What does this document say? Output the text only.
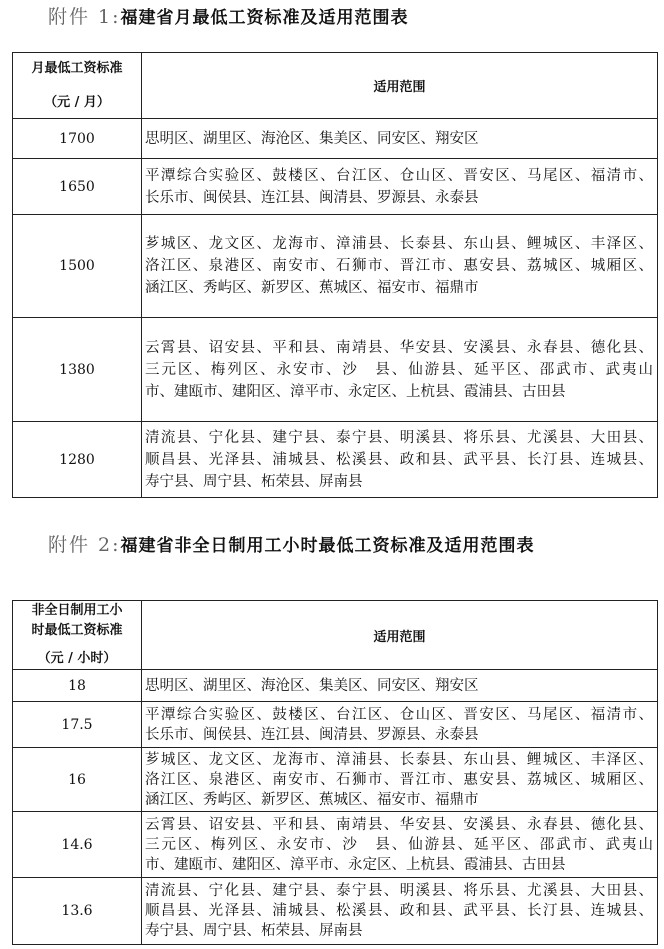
附件 1:福建省月最低工资标准及适用范围表
月最低工资标准
（元 / 月）	适用范围
1700	思明区、湖里区、海沧区、集美区、同安区、翔安区

1650	平潭综合实验区、鼓楼区、台江区、仓山区、晋安区、马尾区、福清市、
长乐市、闽侯县、连江县、闽清县、罗源县、永泰县

1500	芗城区、龙文区、龙海市、漳浦县、长泰县、东山县、鲤城区、丰泽区、
洛江区、泉港区、南安市、石狮市、晋江市、惠安县、荔城区、城厢区、
涵江区、秀屿区、新罗区、蕉城区、福安市、福鼎市

1380	云霄县、诏安县、平和县、南靖县、华安县、安溪县、永春县、德化县、
三元区、梅列区、永安市、沙　县、仙游县、延平区、邵武市、武夷山
市、建瓯市、建阳区、漳平市、永定区、上杭县、霞浦县、古田县

1280	清流县、宁化县、建宁县、泰宁县、明溪县、将乐县、尤溪县、大田县、
顺昌县、光泽县、浦城县、松溪县、政和县、武平县、长汀县、连城县、
寿宁县、周宁县、柘荣县、屏南县
附件 2:福建省非全日制用工小时最低工资标准及适用范围表
非全日制用工小
时最低工资标准
（元 / 小时）	适用范围
18	思明区、湖里区、海沧区、集美区、同安区、翔安区

17.5	平潭综合实验区、鼓楼区、台江区、仓山区、晋安区、马尾区、福清市、
长乐市、闽侯县、连江县、闽清县、罗源县、永泰县

16	芗城区、龙文区、龙海市、漳浦县、长泰县、东山县、鲤城区、丰泽区、
洛江区、泉港区、南安市、石狮市、晋江市、惠安县、荔城区、城厢区、
涵江区、秀屿区、新罗区、蕉城区、福安市、福鼎市

14.6	云霄县、诏安县、平和县、南靖县、华安县、安溪县、永春县、德化县、
三元区、梅列区、永安市、沙　县、仙游县、延平区、邵武市、武夷山
市、建瓯市、建阳区、漳平市、永定区、上杭县、霞浦县、古田县

13.6	清流县、宁化县、建宁县、泰宁县、明溪县、将乐县、尤溪县、大田县、
顺昌县、光泽县、浦城县、松溪县、政和县、武平县、长汀县、连城县、
寿宁县、周宁县、柘荣县、屏南县
